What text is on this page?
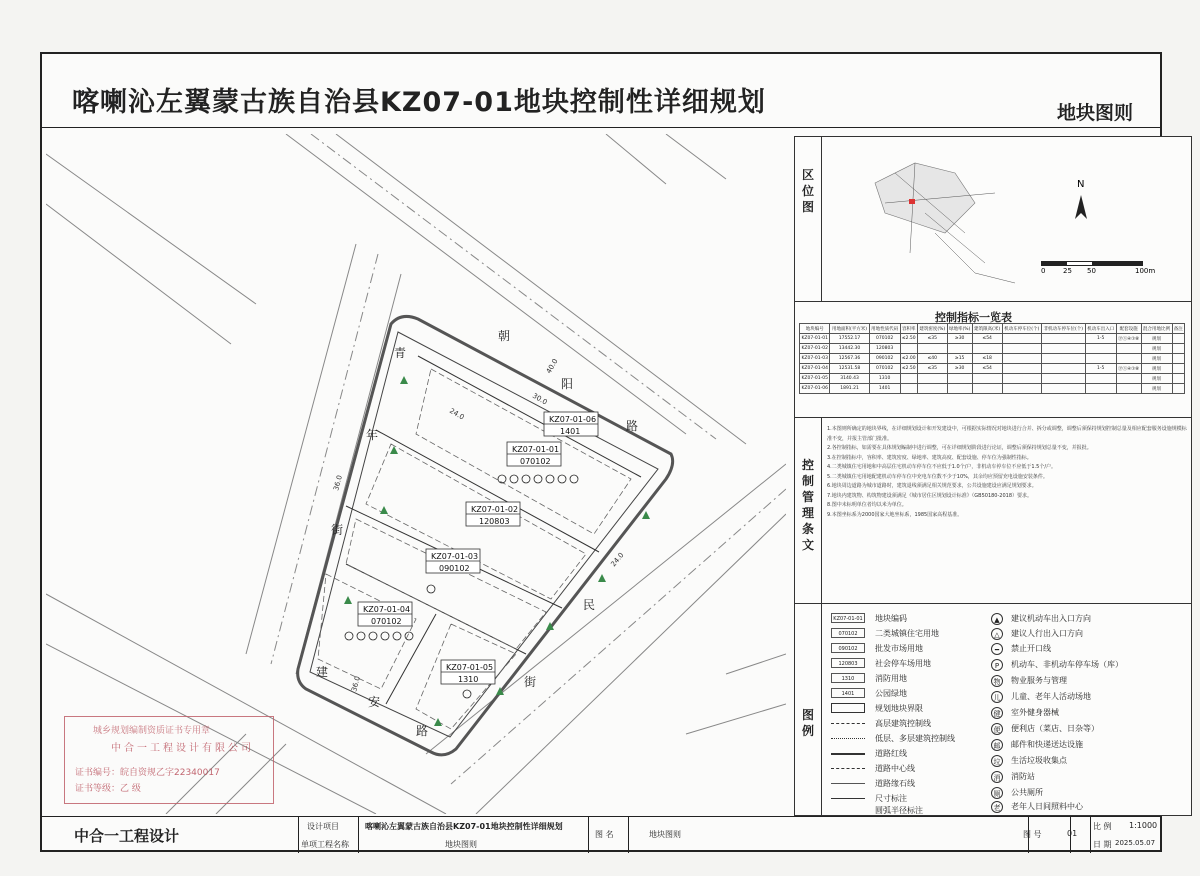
喀喇沁左翼蒙古族自治县KZ07-01地块控制性详细规划	地块图则
朝
阳
路
青
年
街
建
安
路
民
街
40.0
36.0
24.0
30.0
36.0
24.0	KZ07-01-06
1401
KZ07-01-01
070102
KZ07-01-02
120803
KZ07-01-03
090102
KZ07-01-04
070102
KZ07-01-05
1310
区位图
N
0	25 50	100m
控制指标一览表
地块编号	用地面积(平方米)	用地性质代码	容积率	建筑密度(%)	绿地率(%)	建筑限高(米)	机动车停车位(个)	非机动车停车位(个)	机动车出入口	配套设施	混合用地比例	备注
KZ07-01-01	17552.17	070102	≤2.50	≤35	≥30	≤54			1-5	Ⓟⓧ④⑦⑧	规划	
KZ07-01-02	13442.30	120803									规划	
KZ07-01-03	12567.36	090102	≤2.00	≤40	≥15	≤18					规划	
KZ07-01-04	12531.58	070102	≤2.50	≤35	≥30	≤54			1-5	Ⓟⓧ④⑦⑧	规划	
KZ07-01-05	3140.43	1310									规划	
KZ07-01-06	1891.21	1401									规划	
控制管理条文
1.本图则所确定的地块界线，在详细规划设计和开发建设中，可根据实际情况对地块进行合并、拆分或调整，调整后须保持规划控制总量及相应配套服务设施规模标准不变，并报主管部门批准。
2.各控制指标，如需要在具体规划编制中进行调整，可在详细规划阶段进行论证，调整后须保持规划总量不变，并报批。
3.在控制指标中，容积率、建筑密度、绿地率、建筑高度、配套设施、停车位为强制性指标。
4.二类城镇住宅用地和中高层住宅机动车停车位不应低于1.0个/户，非机动车停车位不应低于1.5个/户。
5.二类城镇住宅用地配建机动车停车位中充电车位数不少于10%，其余均应预留充电设施安装条件。
6.地块周边道路为城市道路时，建筑退线须满足相关规范要求，公共设施建设应满足规划要求。
7.地块内建筑物、构筑物建设须满足《城市居住区规划设计标准》（GB50180-2018）要求。
8.图中未标明单位者均以米为单位。
9.本图坐标系为2000国家大地坐标系，1985国家高程基准。
图例
KZ07-01-01 地块编码
070102	二类城镇住宅用地
090102	批发市场用地
120803	社会停车场用地
1310	消防用地
1401	公园绿地
规划地块界限
高层建筑控制线
低层、多层建筑控制线
道路红线
道路中心线
道路缘石线
尺寸标注
圆弧半径标注
▲	建议机动车出入口方向
△	建议人行出入口方向
━	禁止开口线
P	机动车、非机动车停车场（库）
物	物业服务与管理
儿	儿童、老年人活动场地
健	室外健身器械
便	便利店（菜店、日杂等）
邮	邮件和快递送达设施
垃	生活垃圾收集点
消	消防站
厕	公共厕所
老	老年人日间照料中心
城乡规划编制资质证书专用章
中合一工程设计有限公司
证书编号：皖自资规乙字22340017
证书等级：乙 级
中合一工程设计
设计项目
单项工程名称
喀喇沁左翼蒙古族自治县KZ07-01地块控制性详细规划
地块图则
图 名	地块图则	图 号	01
比 例 1:1000
日 期 2025.05.07
